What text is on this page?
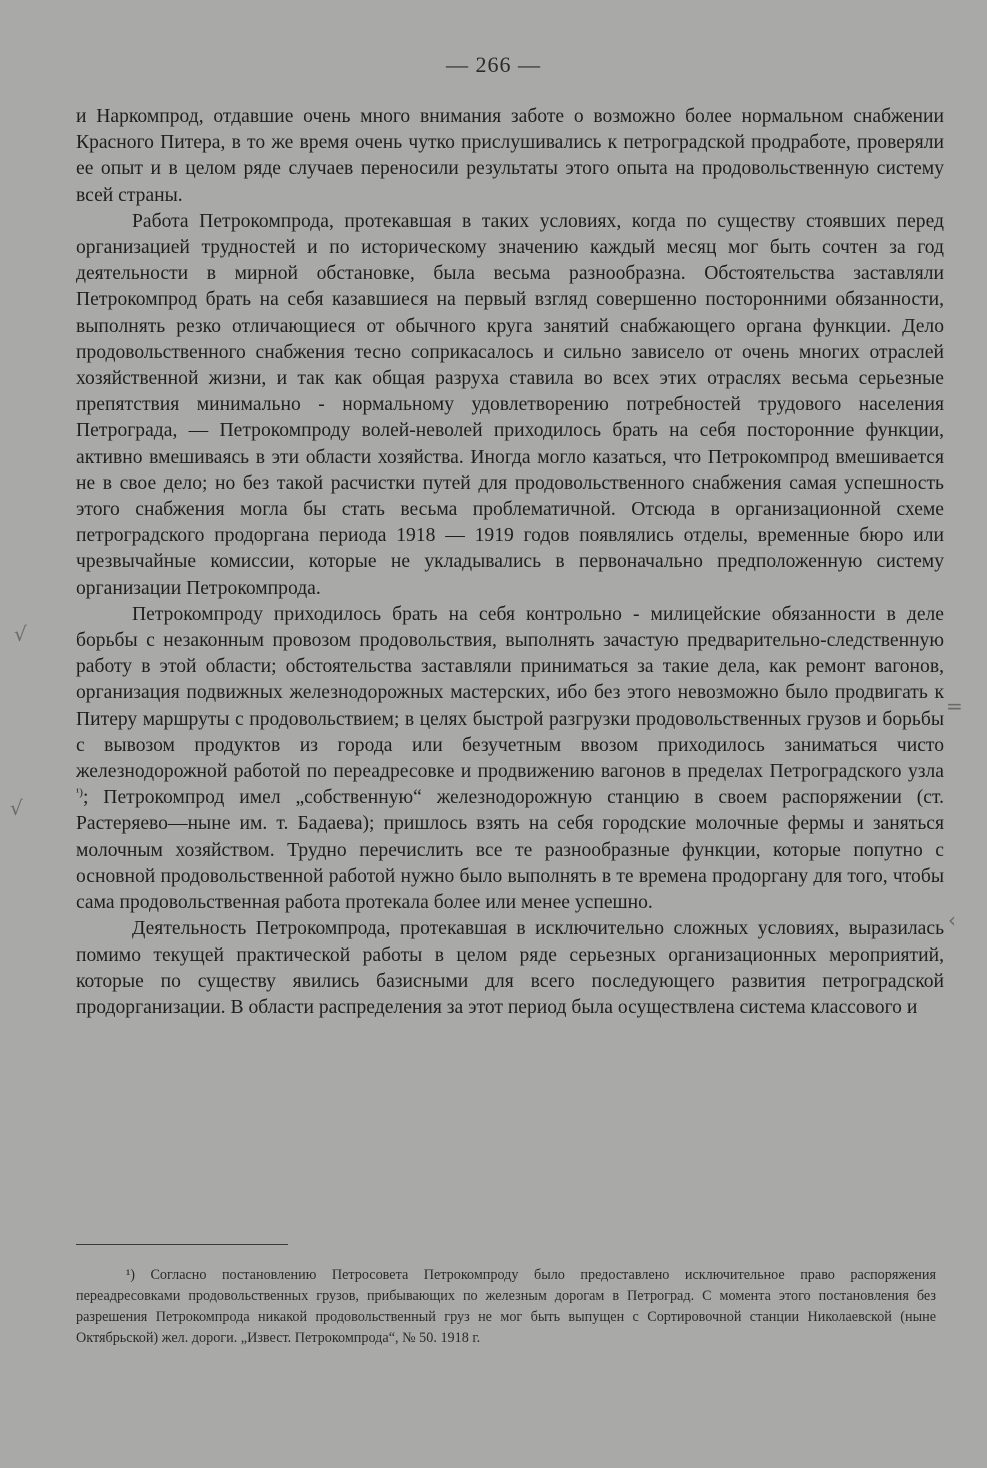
— 266 —

и Наркомпрод, отдавшие очень много внимания заботе о возможно более нормальном снабжении Красного Питера, в то же время очень чутко прислушивались к петроградской продработе, проверяли ее опыт и в целом ряде случаев переносили результаты этого опыта на продовольственную систему всей страны.

Работа Петрокомпрода, протекавшая в таких условиях, когда по существу стоявших перед организацией трудностей и по историческому значению каждый месяц мог быть сочтен за год деятельности в мирной обстановке, была весьма разнообразна. Обстоятельства заставляли Петрокомпрод брать на себя казавшиеся на первый взгляд совершенно посторонними обязанности, выполнять резко отличающиеся от обычного круга занятий снабжающего органа функции. Дело продовольственного снабжения тесно соприкасалось и сильно зависело от очень многих отраслей хозяйственной жизни, и так как общая разруха ставила во всех этих отраслях весьма серьезные препятствия минимально - нормальному удовлетворению потребностей трудового населения Петрограда, — Петрокомпроду волей-неволей приходилось брать на себя посторонние функции, активно вмешиваясь в эти области хозяйства. Иногда могло казаться, что Петрокомпрод вмешивается не в свое дело; но без такой расчистки путей для продовольственного снабжения самая успешность этого снабжения могла бы стать весьма проблематичной. Отсюда в организационной схеме петроградского продоргана периода 1918 — 1919 годов появлялись отделы, временные бюро или чрезвычайные комиссии, которые не укладывались в первоначально предположенную систему организации Петрокомпрода.

Петрокомпроду приходилось брать на себя контрольно - милицейские обязанности в деле борьбы с незаконным провозом продовольствия, выполнять зачастую предварительно-следственную работу в этой области; обстоятельства заставляли приниматься за такие дела, как ремонт вагонов, организация подвижных железнодорожных мастерских, ибо без этого невозможно было продвигать к Питеру маршруты с продовольствием; в целях быстрой разгрузки продовольственных грузов и борьбы с вывозом продуктов из города или безучетным ввозом приходилось заниматься чисто железнодорожной работой по переадресовке и продвижению вагонов в пределах Петроградского узла $^{^1)}$; Петрокомпрод имел „собственную“ железнодорожную станцию в своем распоряжении (ст. Растеряево—ныне им. т. Бадаева); пришлось взять на себя городские молочные фермы и заняться молочным хозяйством. Трудно перечислить все те разнообразные функции, которые попутно с основной продовольственной работой нужно было выполнять в те времена продоргану для того, чтобы сама продовольственная работа протекала более или менее успешно.

Деятельность Петрокомпрода, протекавшая в исключительно сложных условиях, выразилась помимо текущей практической работы в целом ряде серьезных организационных мероприятий, которые по существу явились базисными для всего последующего развития петроградской продорганизации. В области распределения за этот период была осуществлена система классового и

¹) Согласно постановлению Петросовета Петрокомпроду было предоставлено исключительное право распоряжения переадресовками продовольственных грузов, прибывающих по железным дорогам в Петроград. С момента этого постановления без разрешения Петрокомпрода никакой продовольственный груз не мог быть выпущен с Сортировочной станции Николаевской (ныне Октябрьской) жел. дороги. „Извест. Петрокомпрода“, № 50. 1918 г.

√
√
=
‹
